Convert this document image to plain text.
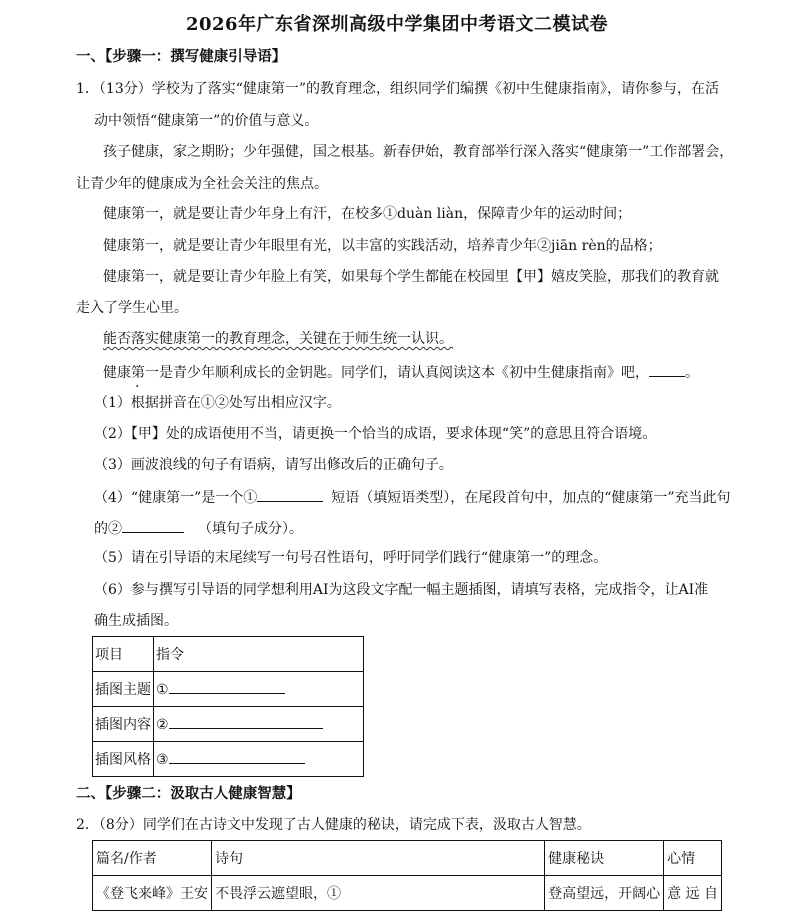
2026年广东省深圳高级中学集团中考语文二模试卷
一、【步骤一：撰写健康引导语】
1．（13分）学校为了落实“健康第一”的教育理念，组织同学们编撰《初中生健康指南》，请你参与，在活
动中领悟“健康第一”的价值与意义。
孩子健康，家之期盼；少年强健，国之根基。新春伊始，教育部举行深入落实“健康第一”工作部署会，
让青少年的健康成为全社会关注的焦点。
健康第一，就是要让青少年身上有汗，在校多①duàn liàn，保障青少年的运动时间；
健康第一，就是要让青少年眼里有光，以丰富的实践活动，培养青少年②jiān rèn的品格；
健康第一，就是要让青少年脸上有笑，如果每个学生都能在校园里【甲】嬉皮笑脸，那我们的教育就
走入了学生心里。
能否落实健康第一的教育理念，关键在于师生统一认识。
健康第一是青少年顺利成长的金钥匙。同学们，请认真阅读这本《初中生健康指南》吧，	。
（1）根据拼音在①②处写出相应汉字。
（2）【甲】处的成语使用不当，请更换一个恰当的成语，要求体现“笑”的意思且符合语境。
（3）画波浪线的句子有语病，请写出修改后的正确句子。
（4）“健康第一”是一个①	短语（填短语类型），在尾段首句中，加点的“健康第一”充当此句
的②	（填句子成分）。
（5）请在引导语的末尾续写一句号召性语句，呼吁同学们践行“健康第一”的理念。
（6）参与撰写引导语的同学想利用AI为这段文字配一幅主题插图，请填写表格，完成指令，让AI准
确生成插图。
项目	指令
插图主题	①
插图内容	②
插图风格	③
二、【步骤二：汲取古人健康智慧】
2．（8分）同学们在古诗文中发现了古人健康的秘诀，请完成下表，汲取古人智慧。
篇名/作者	诗句	健康秘诀	心情
《登飞来峰》王安	不畏浮云遮望眼，①	登高望远，开阔心	意 远 自
